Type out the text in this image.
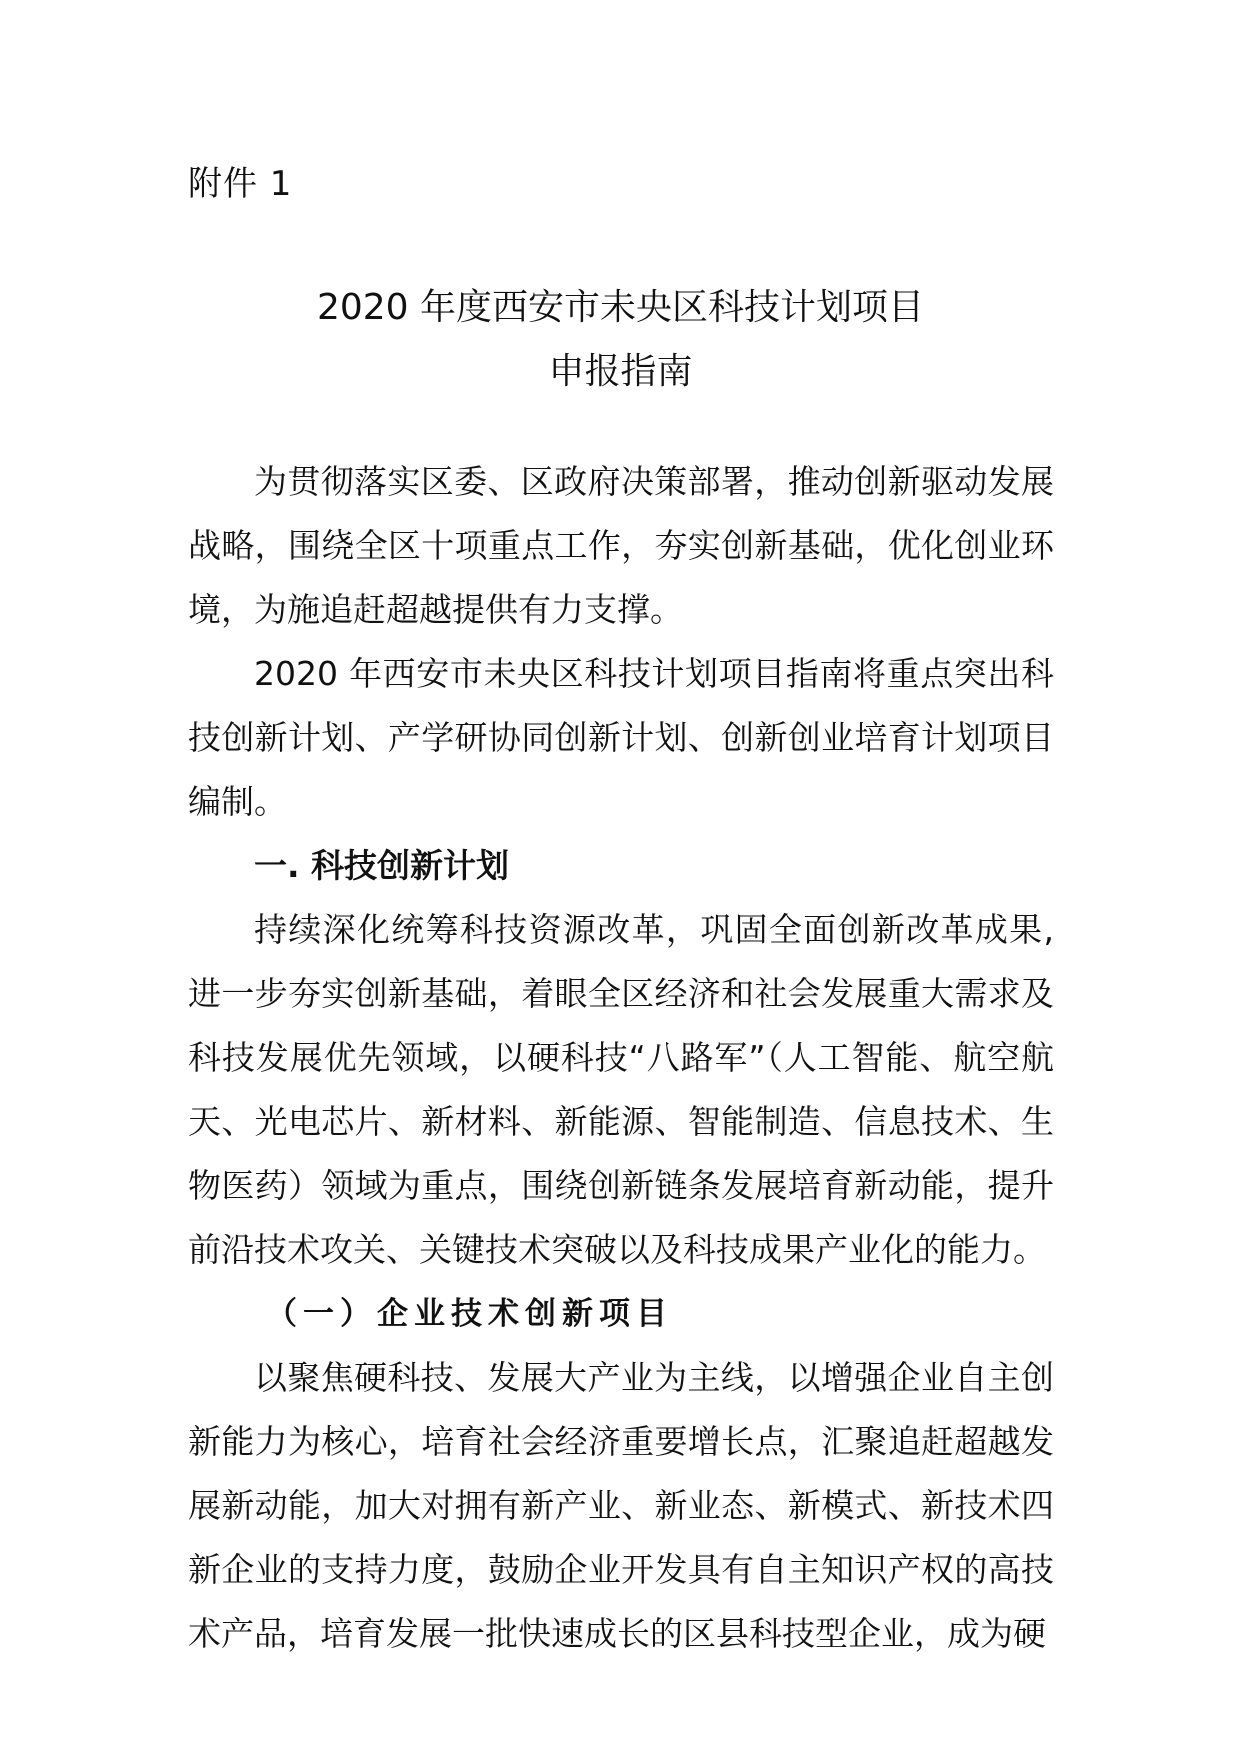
附件 1
2020 年度西安市未央区科技计划项目
申报指南

为贯彻落实区委、区政府决策部署，推动创新驱动发展战略，围绕全区十项重点工作，夯实创新基础，优化创业环境，为施追赶超越提供有力支撑。

2020 年西安市未央区科技计划项目指南将重点突出科技创新计划、产学研协同创新计划、创新创业培育计划项目编制。

一. 科技创新计划

持续深化统筹科技资源改革，巩固全面创新改革成果,进一步夯实创新基础，着眼全区经济和社会发展重大需求及科技发展优先领域，以硬科技“八路军”（人工智能、航空航天、光电芯片、新材料、新能源、智能制造、信息技术、生物医药）领域为重点，围绕创新链条发展培育新动能，提升前沿技术攻关、关键技术突破以及科技成果产业化的能力。

（一）企业技术创新项目

以聚焦硬科技、发展大产业为主线，以增强企业自主创新能力为核心，培育社会经济重要增长点，汇聚追赶超越发展新动能，加大对拥有新产业、新业态、新模式、新技术四新企业的支持力度，鼓励企业开发具有自主知识产权的高技术产品，培育发展一批快速成长的区县科技型企业，成为硬
